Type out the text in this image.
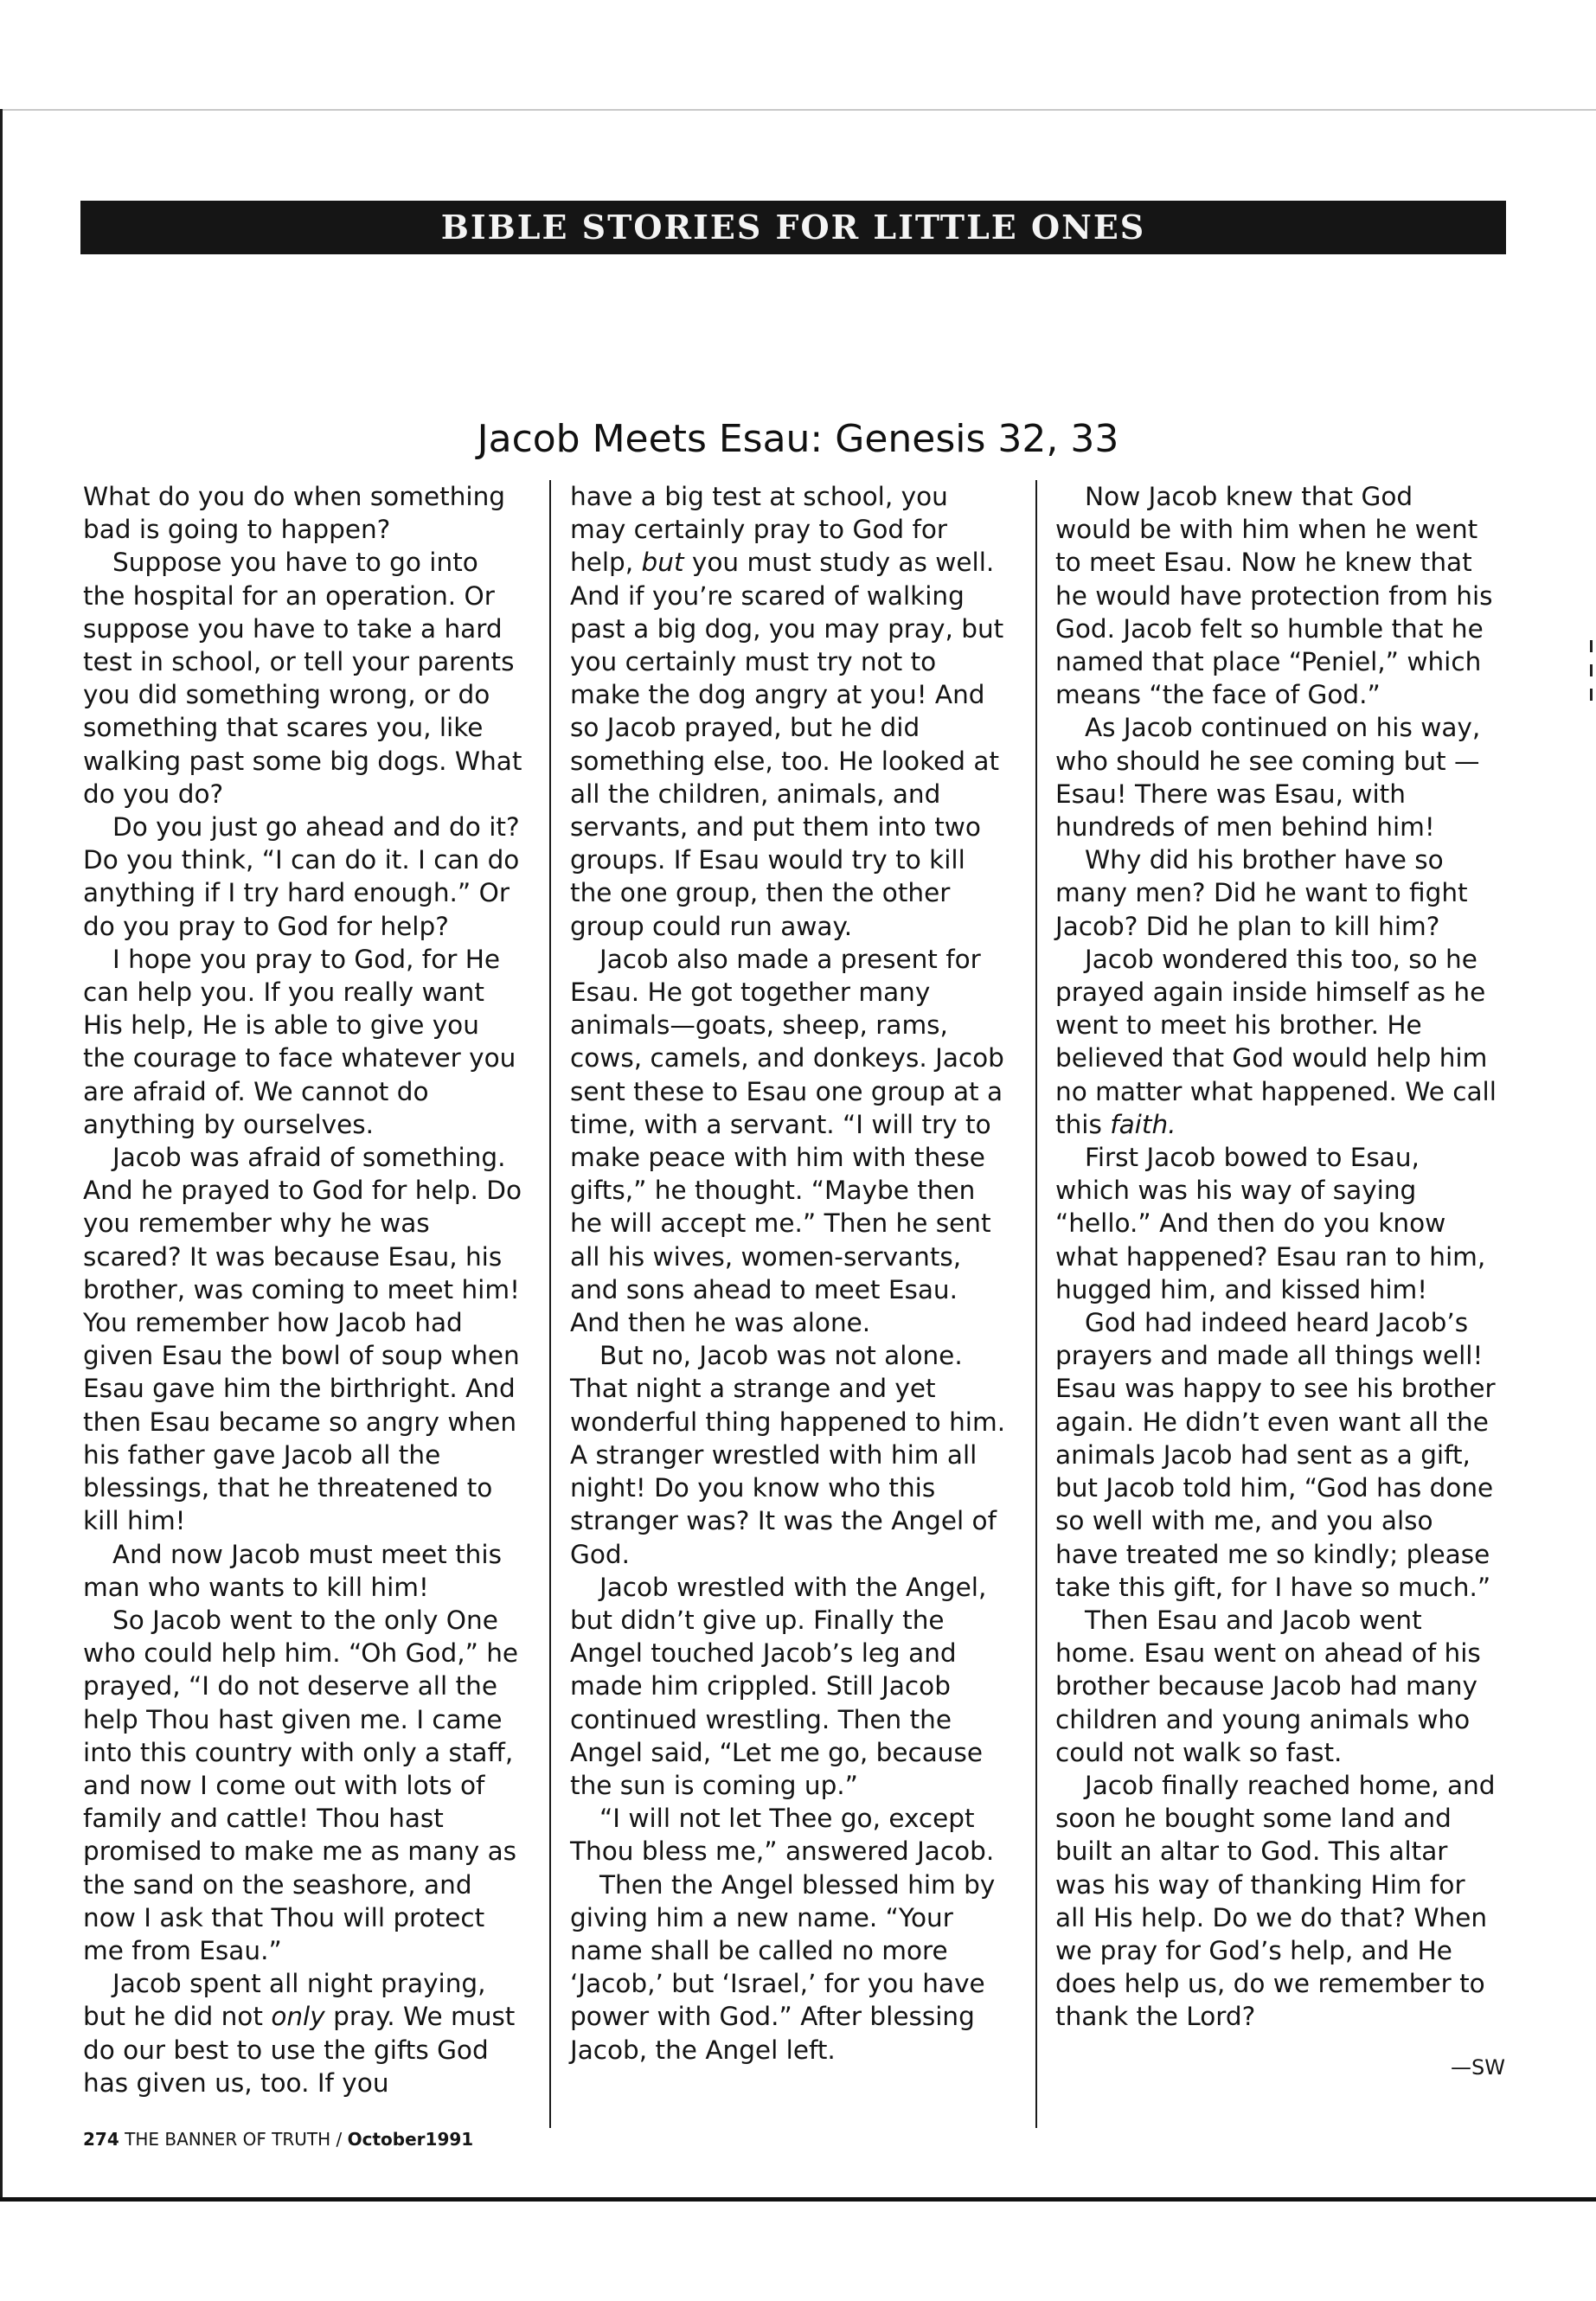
BIBLE STORIES FOR LITTLE ONES
Jacob Meets Esau: Genesis 32, 33

What do you do when something bad is going to happen?

Suppose you have to go into the hospital for an operation. Or suppose you have to take a hard test in school, or tell your parents you did something wrong, or do something that scares you, like walking past some big dogs. What do you do?

Do you just go ahead and do it? Do you think, “I can do it. I can do anything if I try hard enough.” Or do you pray to God for help?

I hope you pray to God, for He can help you. If you really want His help, He is able to give you the courage to face whatever you are afraid of. We cannot do anything by ourselves.

Jacob was afraid of something. And he prayed to God for help. Do you remember why he was scared? It was because Esau, his brother, was coming to meet him! You remember how Jacob had given Esau the bowl of soup when Esau gave him the birthright. And then Esau became so angry when his father gave Jacob all the blessings, that he threatened to kill him!

And now Jacob must meet this man who wants to kill him!

So Jacob went to the only One who could help him. “Oh God,” he prayed, “I do not deserve all the help Thou hast given me. I came into this country with only a staff, and now I come out with lots of family and cattle! Thou hast promised to make me as many as the sand on the seashore, and now I ask that Thou will protect me from Esau.”

Jacob spent all night praying, but he did not only pray. We must do our best to use the gifts God has given us, too. If you

have a big test at school, you may certainly pray to God for help, but you must study as well. And if you’re scared of walking past a big dog, you may pray, but you certainly must try not to make the dog angry at you! And so Jacob prayed, but he did something else, too. He looked at all the children, animals, and servants, and put them into two groups. If Esau would try to kill the one group, then the other group could run away.

Jacob also made a present for Esau. He got together many animals—goats, sheep, rams, cows, camels, and donkeys. Jacob sent these to Esau one group at a time, with a servant. “I will try to make peace with him with these gifts,” he thought. “Maybe then he will accept me.” Then he sent all his wives, women-servants, and sons ahead to meet Esau. And then he was alone.

But no, Jacob was not alone. That night a strange and yet wonderful thing happened to him. A stranger wrestled with him all night! Do you know who this stranger was? It was the Angel of God.

Jacob wrestled with the Angel, but didn’t give up. Finally the Angel touched Jacob’s leg and made him crippled. Still Jacob continued wrestling. Then the Angel said, “Let me go, because the sun is coming up.”

“I will not let Thee go, except Thou bless me,” answered Jacob.

Then the Angel blessed him by giving him a new name. “Your name shall be called no more ‘Jacob,’ but ‘Israel,’ for you have power with God.” After blessing Jacob, the Angel left.

Now Jacob knew that God would be with him when he went to meet Esau. Now he knew that he would have protection from his God. Jacob felt so humble that he named that place “Peniel,” which means “the face of God.”

As Jacob continued on his way, who should he see coming but —Esau! There was Esau, with hundreds of men behind him!

Why did his brother have so many men? Did he want to fight Jacob? Did he plan to kill him?

Jacob wondered this too, so he prayed again inside himself as he went to meet his brother. He believed that God would help him no matter what happened. We call this faith.

First Jacob bowed to Esau, which was his way of saying “hello.” And then do you know what happened? Esau ran to him, hugged him, and kissed him!

God had indeed heard Jacob’s prayers and made all things well! Esau was happy to see his brother again. He didn’t even want all the animals Jacob had sent as a gift, but Jacob told him, “God has done so well with me, and you also have treated me so kindly; please take this gift, for I have so much.”

Then Esau and Jacob went home. Esau went on ahead of his brother because Jacob had many children and young animals who could not walk so fast.

Jacob finally reached home, and soon he bought some land and built an altar to God. This altar was his way of thanking Him for all His help. Do we do that? When we pray for God’s help, and He does help us, do we remember to thank the Lord?

—SW
274 THE BANNER OF TRUTH / October1991
